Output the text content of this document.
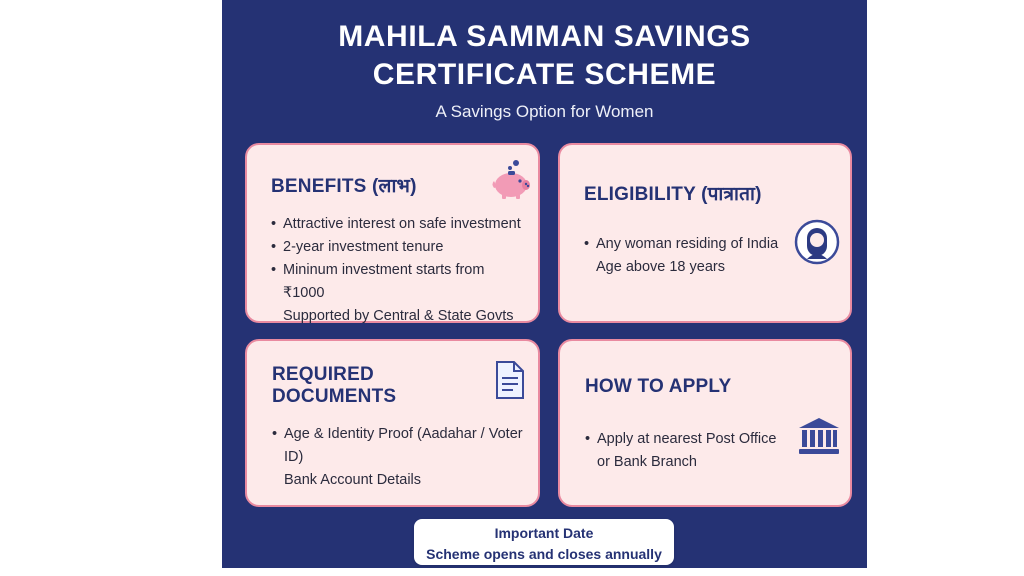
MAHILA SAMMAN SAVINGS
CERTIFICATE SCHEME
A Savings Option for Women
BENEFITS (लाभ)
• Attractive interest on safe investment
• 2-year investment tenure
• Mininum investment starts from ₹1000
Supported by Central & State Govts
ELIGIBILITY (पात्राता)
• Any woman residing of India
Age above 18 years
REQUIRED DOCUMENTS
• Age & Identity Proof (Aadahar / Voter ID)
Bank Account Details
HOW TO APPLY
• Apply at nearest Post Office
or Bank Branch
Important Date
Scheme opens and closes annually
